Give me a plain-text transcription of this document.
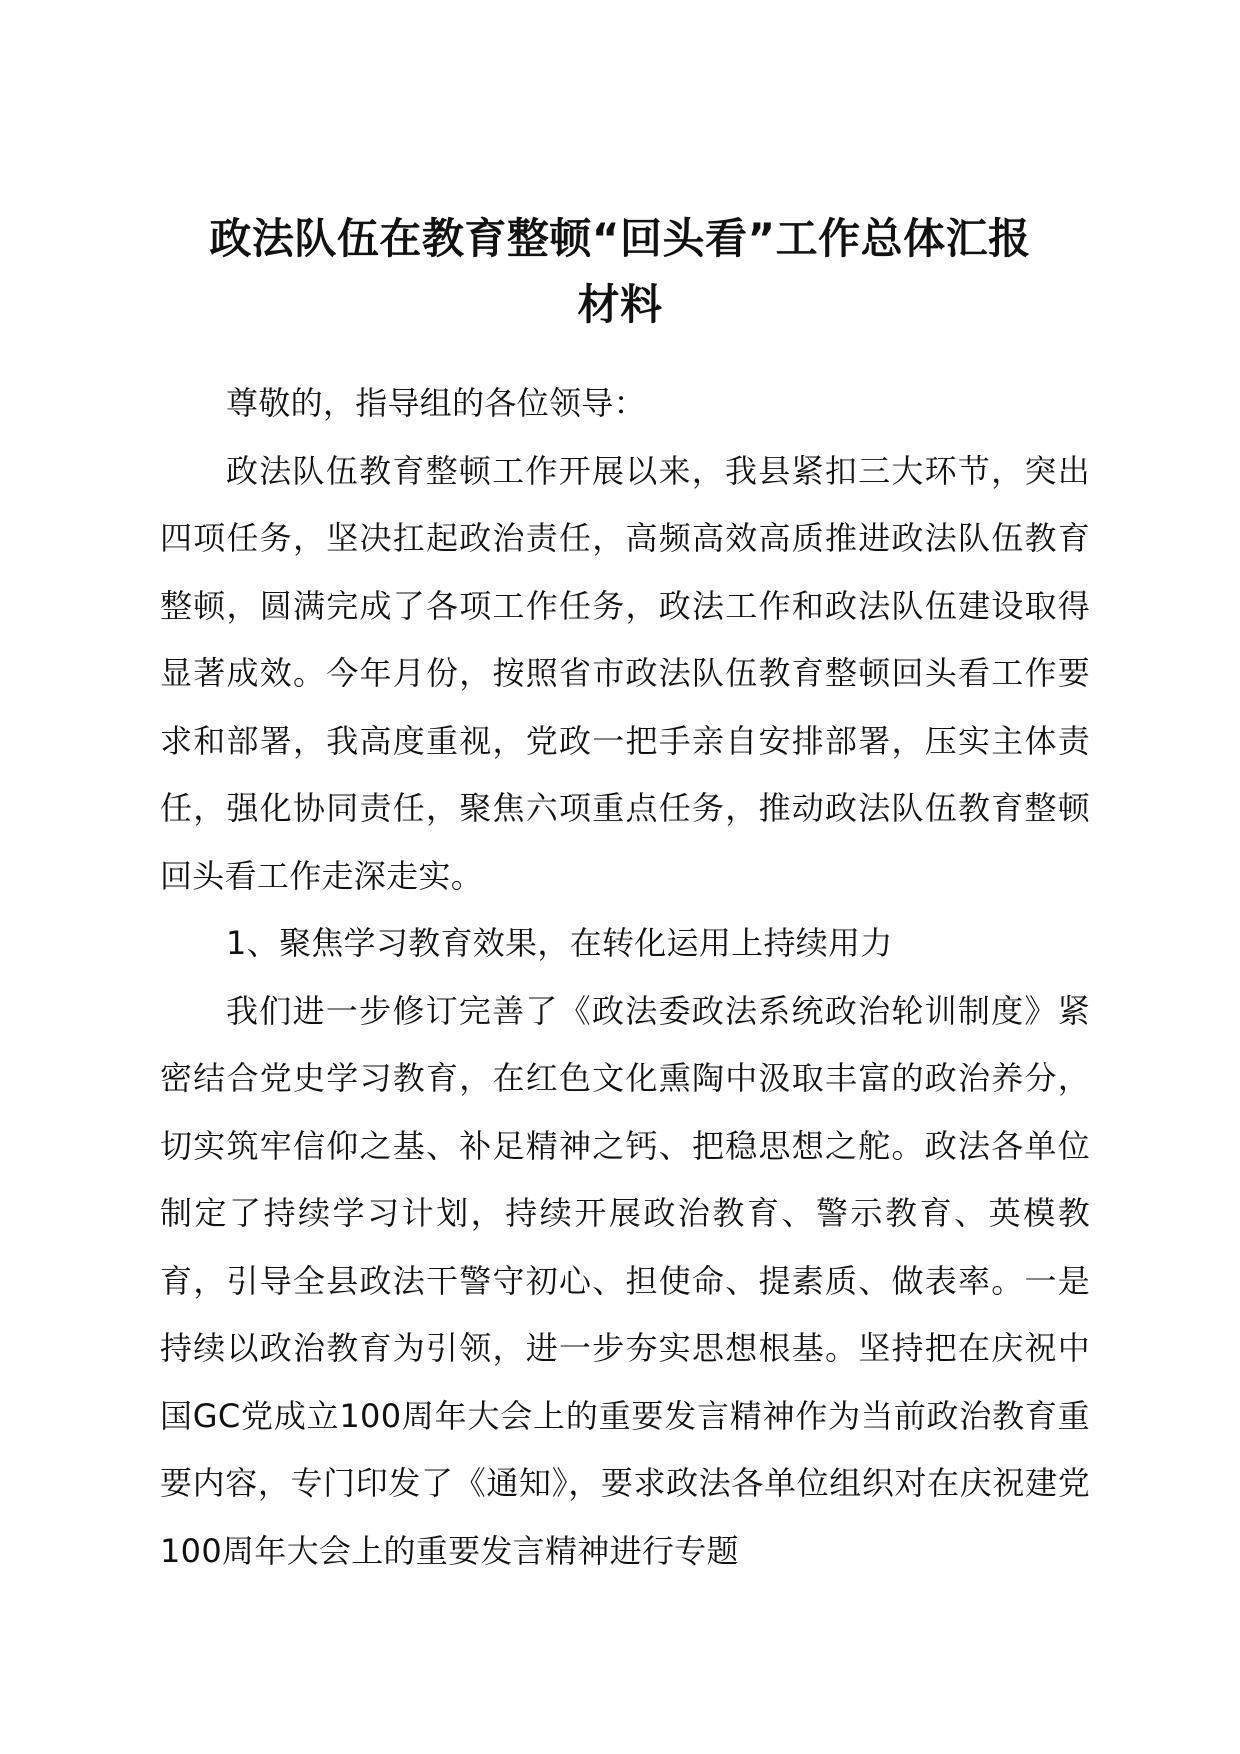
政法队伍在教育整顿“回头看”工作总体汇报
材料

尊敬的，指导组的各位领导：

政法队伍教育整顿工作开展以来，我县紧扣三大环节，突出四项任务，坚决扛起政治责任，高频高效高质推进政法队伍教育整顿，圆满完成了各项工作任务，政法工作和政法队伍建设取得显著成效。今年月份，按照省市政法队伍教育整顿回头看工作要求和部署，我高度重视，党政一把手亲自安排部署，压实主体责任，强化协同责任，聚焦六项重点任务，推动政法队伍教育整顿回头看工作走深走实。

1、聚焦学习教育效果，在转化运用上持续用力

我们进一步修订完善了《政法委政法系统政治轮训制度》紧密结合党史学习教育，在红色文化熏陶中汲取丰富的政治养分，切实筑牢信仰之基、补足精神之钙、把稳思想之舵。政法各单位制定了持续学习计划，持续开展政治教育、警示教育、英模教育，引导全县政法干警守初心、担使命、提素质、做表率。一是持续以政治教育为引领，进一步夯实思想根基。坚持把在庆祝中国GC党成立100周年大会上的重要发言精神作为当前政治教育重要内容，专门印发了《通知》，要求政法各单位组织对在庆祝建党100周年大会上的重要发言精神进行专题
